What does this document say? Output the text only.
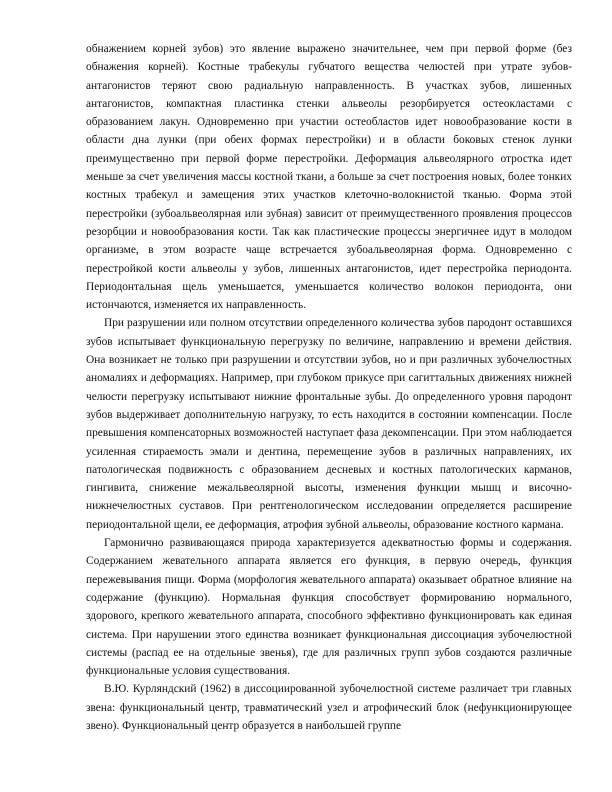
обнажением корней зубов) это явление выражено значительнее, чем при первой форме (без обнажения корней). Костные трабекулы губчатого вещества челюстей при утрате зубов-антагонистов теряют свою радиальную направленность. В участках зубов, лишенных антагонистов, компактная пластинка стенки альвеолы резорбируется остеокластами с образованием лакун. Одновременно при участии остеобластов идет новообразование кости в области дна лунки (при обеих формах перестройки) и в области боковых стенок лунки преимущественно при первой форме перестройки. Деформация альвеолярного отростка идет меньше за счет увеличения массы костной ткани, а больше за счет построения новых, более тонких костных трабекул и замещения этих участков клеточно-волокнистой тканью. Форма этой перестройки (зубоальвеолярная или зубная) зависит от преимущественного проявления процессов резорбции и новообразования кости. Так как пластические процессы энергичнее идут в молодом организме, в этом возрасте чаще встречается зубоальвеолярная форма. Одновременно с перестройкой кости альвеолы у зубов, лишенных антагонистов, идет перестройка периодонта. Периодонтальная щель уменьшается, уменьшается количество волокон периодонта, они истончаются, изменяется их направленность.

При разрушении или полном отсутствии определенного количества зубов пародонт оставшихся зубов испытывает функциональную перегрузку по величине, направлению и времени действия. Она возникает не только при разрушении и отсутствии зубов, но и при различных зубочелюстных аномалиях и деформациях. Например, при глубоком прикусе при сагиттальных движениях нижней челюсти перегрузку испытывают нижние фронтальные зубы. До определенного уровня пародонт зубов выдерживает дополнительную нагрузку, то есть находится в состоянии компенсации. После превышения компенсаторных возможностей наступает фаза декомпенсации. При этом наблюдается усиленная стираемость эмали и дентина, перемещение зубов в различных направлениях, их патологическая подвижность с образованием десневых и костных патологических карманов, гингивита, снижение межальвеолярной высоты, изменения функции мышц и височно-нижнечелюстных суставов. При рентгенологическом исследовании определяется расширение периодонтальной щели, ее деформация, атрофия зубной альвеолы, образование костного кармана.

Гармонично развивающаяся природа характеризуется адекватностью формы и содержания. Содержанием жевательного аппарата является его функция, в первую очередь, функция пережевывания пищи. Форма (морфология жевательного аппарата) оказывает обратное влияние на содержание (функцию). Нормальная функция способствует формированию нормального, здорового, крепкого жевательного аппарата, способного эффективно функционировать как единая система. При нарушении этого единства возникает функциональная диссоциация зубочелюстной системы (распад ее на отдельные звенья), где для различных групп зубов создаются различные функциональные условия существования.

В.Ю. Курляндский (1962) в диссоциированной зубочелюстной системе различает три главных звена: функциональный центр, травматический узел и атрофический блок (нефункционирующее звено). Функциональный центр образуется в наибольшей группе
